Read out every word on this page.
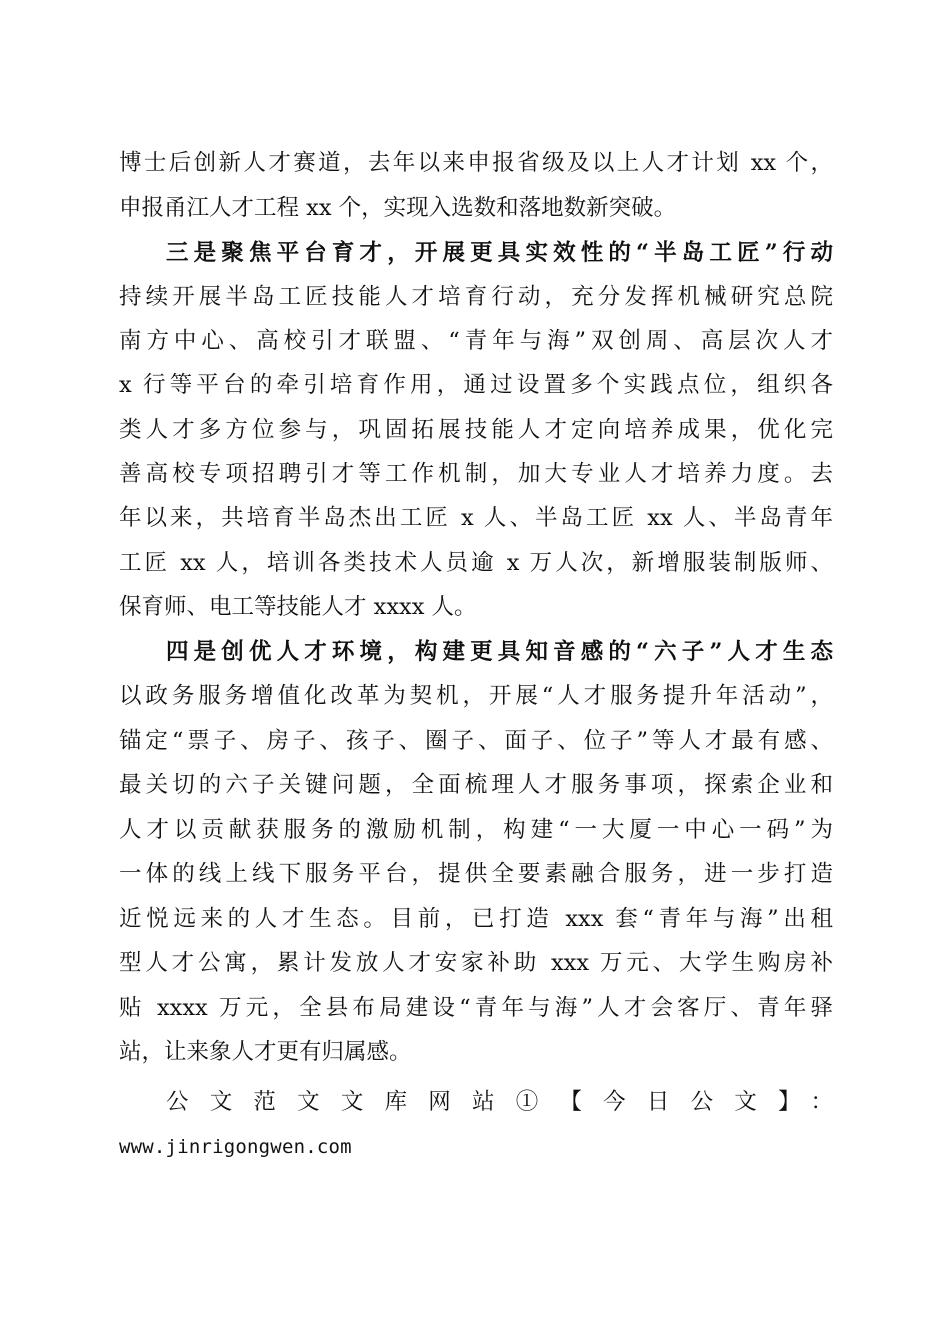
博士后创新人才赛道，去年以来申报省级及以上人才计划 xx 个，
申报甬江人才工程 xx 个，实现入选数和落地数新突破。
三是聚焦平台育才，开展更具实效性的“半岛工匠”行动
持续开展半岛工匠技能人才培育行动，充分发挥机械研究总院
南方中心、高校引才联盟、“青年与海”双创周、高层次人才
x 行等平台的牵引培育作用，通过设置多个实践点位，组织各
类人才多方位参与，巩固拓展技能人才定向培养成果，优化完
善高校专项招聘引才等工作机制，加大专业人才培养力度。去
年以来，共培育半岛杰出工匠 x 人、半岛工匠 xx 人、半岛青年
工匠 xx 人，培训各类技术人员逾 x 万人次，新增服装制版师、
保育师、电工等技能人才 xxxx 人。
四是创优人才环境，构建更具知音感的“六子”人才生态
以政务服务增值化改革为契机，开展“人才服务提升年活动”，
锚定“票子、房子、孩子、圈子、面子、位子”等人才最有感、
最关切的六子关键问题，全面梳理人才服务事项，探索企业和
人才以贡献获服务的激励机制，构建“一大厦一中心一码”为
一体的线上线下服务平台，提供全要素融合服务，进一步打造
近悦远来的人才生态。目前，已打造 xxx 套“青年与海”出租
型人才公寓，累计发放人才安家补助 xxx 万元、大学生购房补
贴 xxxx 万元，全县布局建设“青年与海”人才会客厅、青年驿
站，让来象人才更有归属感。
公文范文文库网站①【今日公文】：
www.jinrigongwen.com
